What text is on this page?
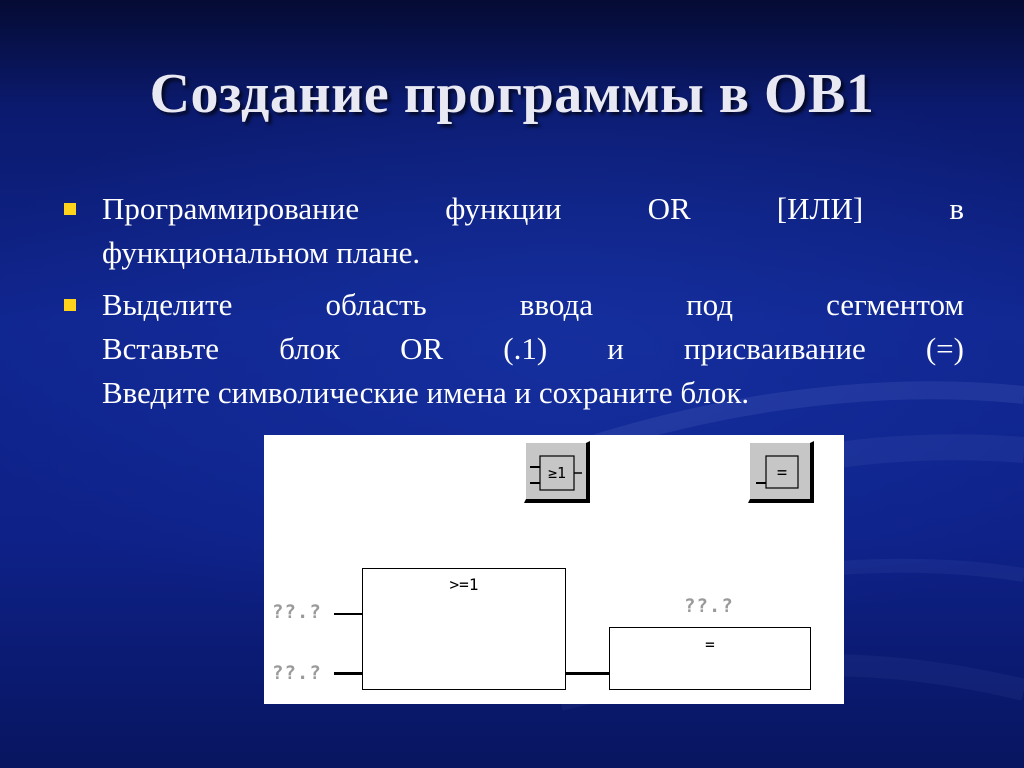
Создание программы в OB1
Программирование функции OR [ИЛИ] в
функциональном плане.
Выделите область ввода под сегментом
Вставьте блок OR (.1) и присваивание (=)
Введите символические имена и сохраните блок.
≥1	=
>=1
??.?
??.?
??.?
=
